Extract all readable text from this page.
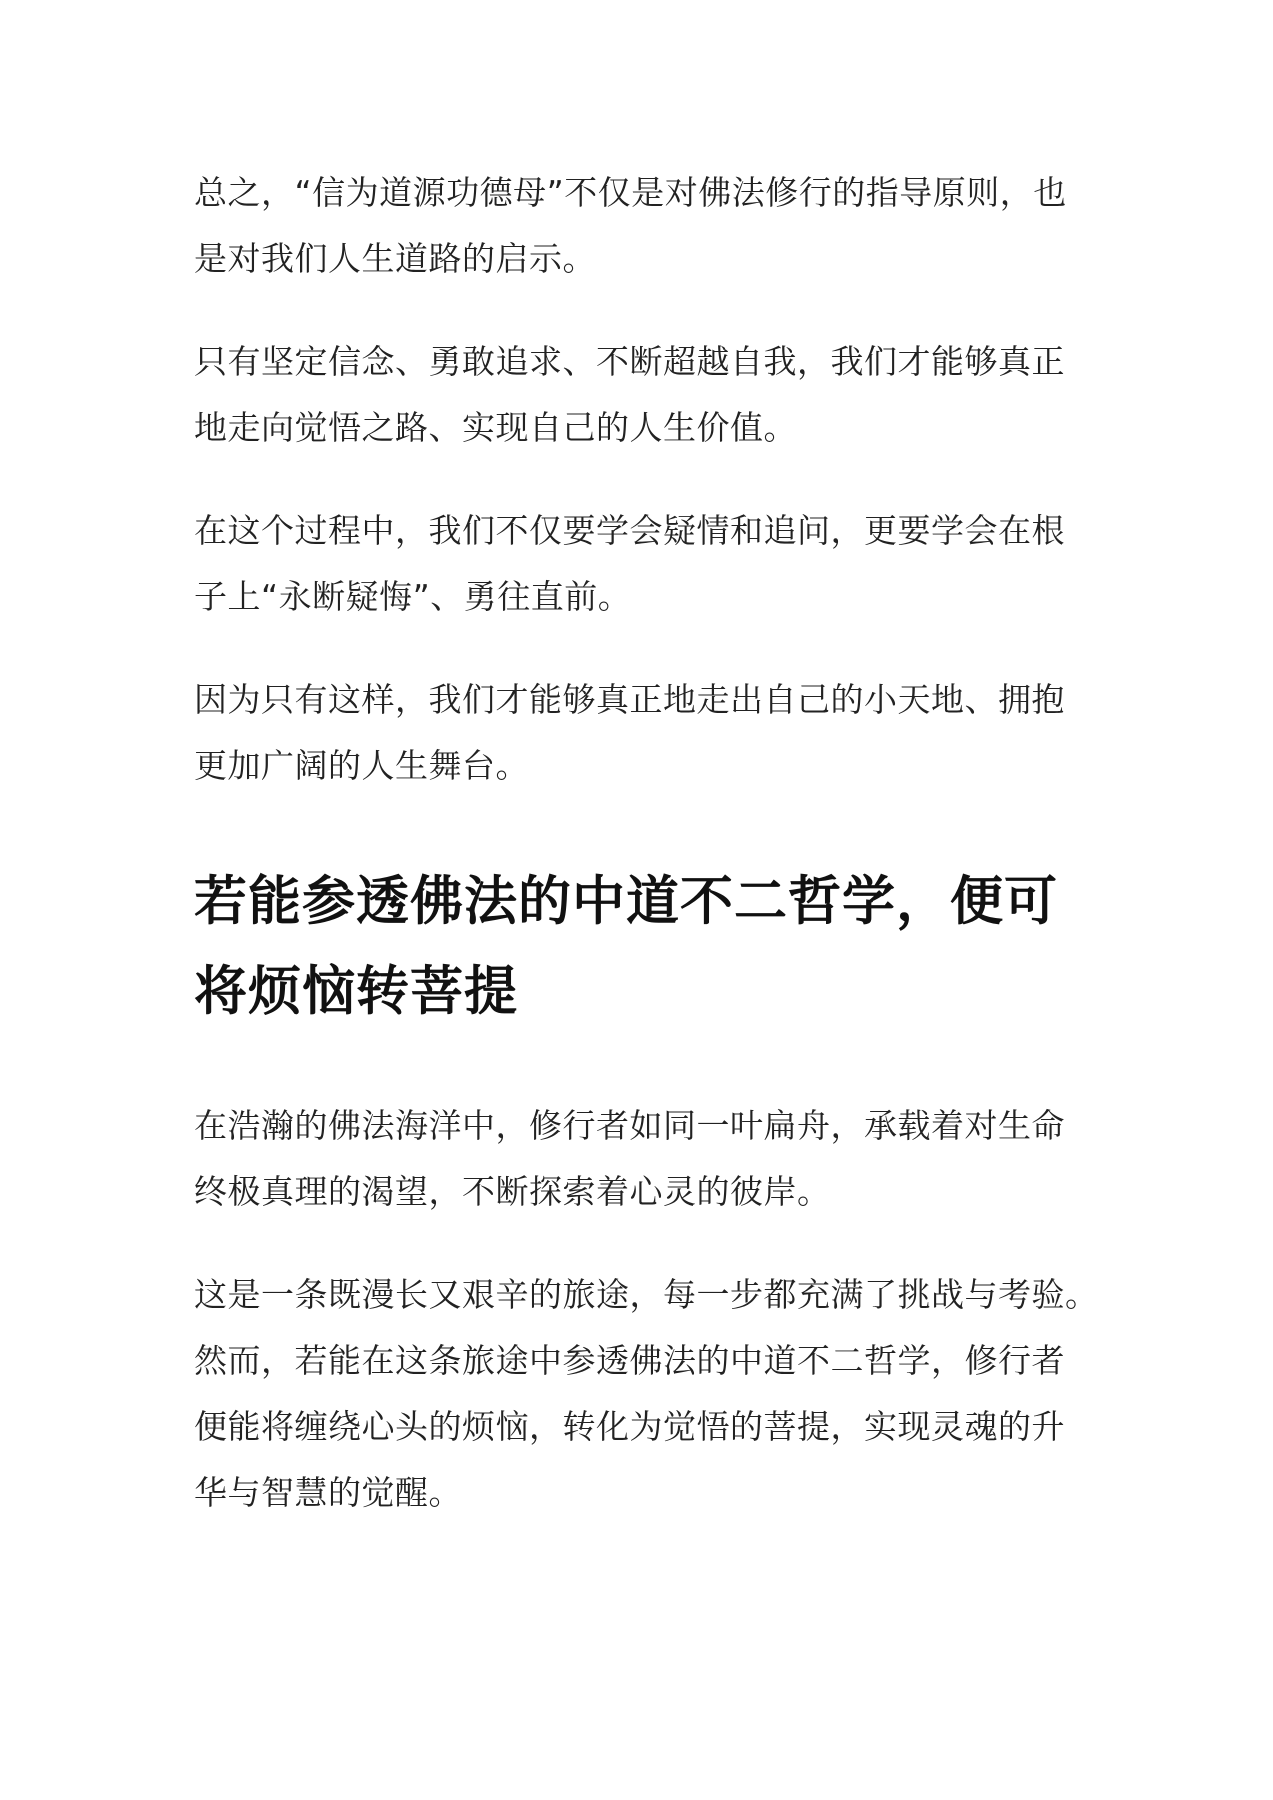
总之，“信为道源功德母”不仅是对佛法修行的指导原则，也
是对我们人生道路的启示。

只有坚定信念、勇敢追求、不断超越自我，我们才能够真正
地走向觉悟之路、实现自己的人生价值。

在这个过程中，我们不仅要学会疑情和追问，更要学会在根
子上“永断疑悔”、勇往直前。

因为只有这样，我们才能够真正地走出自己的小天地、拥抱
更加广阔的人生舞台。

若能参透佛法的中道不二哲学，便可
将烦恼转菩提

在浩瀚的佛法海洋中，修行者如同一叶扁舟，承载着对生命
终极真理的渴望，不断探索着心灵的彼岸。

这是一条既漫长又艰辛的旅途，每一步都充满了挑战与考验。
然而，若能在这条旅途中参透佛法的中道不二哲学，修行者
便能将缠绕心头的烦恼，转化为觉悟的菩提，实现灵魂的升
华与智慧的觉醒。
